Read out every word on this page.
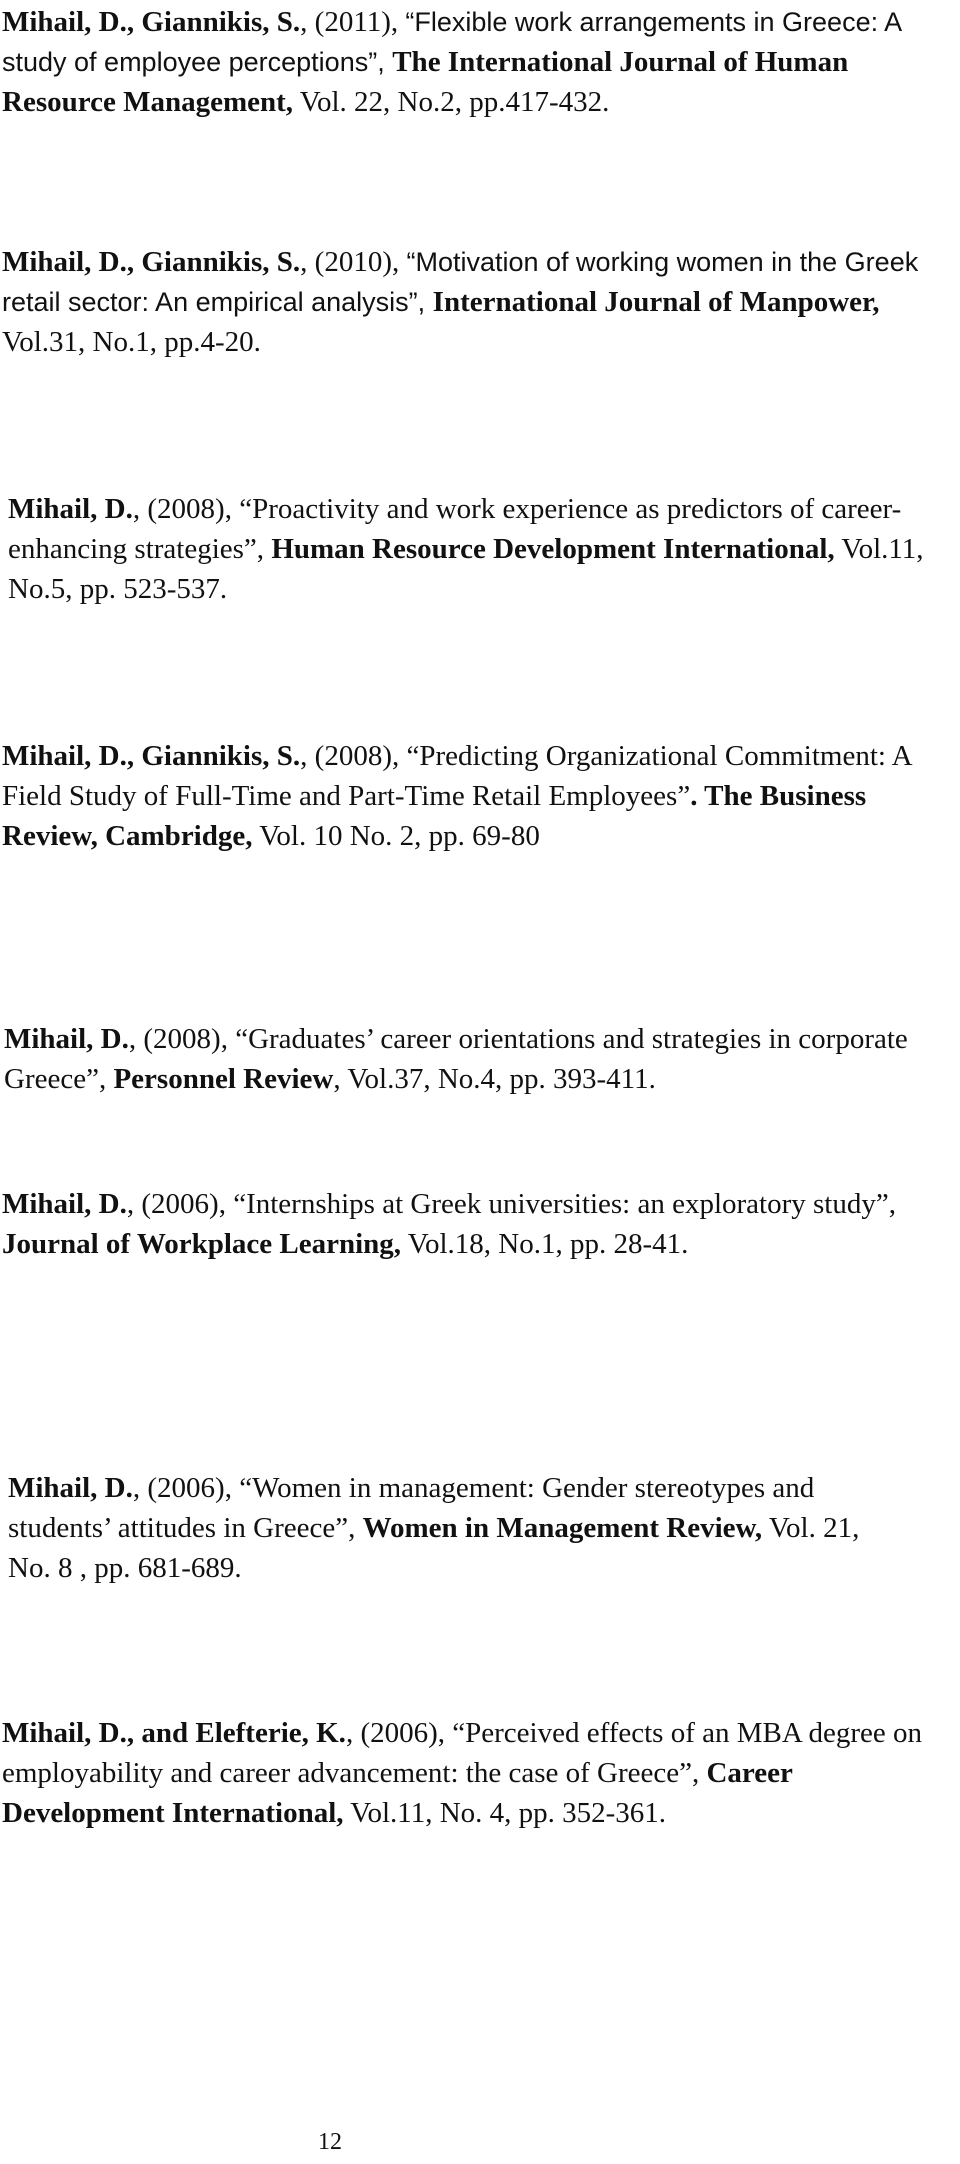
Mihail, D., Giannikis, S., (2011), “Flexible work arrangements in Greece: A study of employee perceptions”, The International Journal of Human Resource Management, Vol. 22, No.2, pp.417-432.

Mihail, D., Giannikis, S., (2010), “Motivation of working women in the Greek retail sector: An empirical analysis”, International Journal of Manpower, Vol.31, No.1, pp.4-20.

Mihail, D., (2008), “Proactivity and work experience as predictors of career-enhancing strategies”, Human Resource Development International, Vol.11, No.5, pp. 523-537.

Mihail, D., Giannikis, S., (2008), “Predicting Organizational Commitment: A Field Study of Full-Time and Part-Time Retail Employees”. The Business Review, Cambridge, Vol. 10 No. 2, pp. 69-80

Mihail, D., (2008), “Graduates’ career orientations and strategies in corporate Greece”, Personnel Review, Vol.37, No.4, pp. 393-411.

Mihail, D., (2006), “Internships at Greek universities: an exploratory study”, Journal of Workplace Learning, Vol.18, No.1, pp. 28-41.

Mihail, D., (2006), “Women in management: Gender stereotypes and students’ attitudes in Greece”, Women in Management Review, Vol. 21, No. 8 , pp. 681-689.

Mihail, D., and Elefterie, K., (2006), “Perceived effects of an MBA degree on employability and career advancement: the case of Greece”, Career Development International, Vol.11, No. 4, pp. 352-361.

12
